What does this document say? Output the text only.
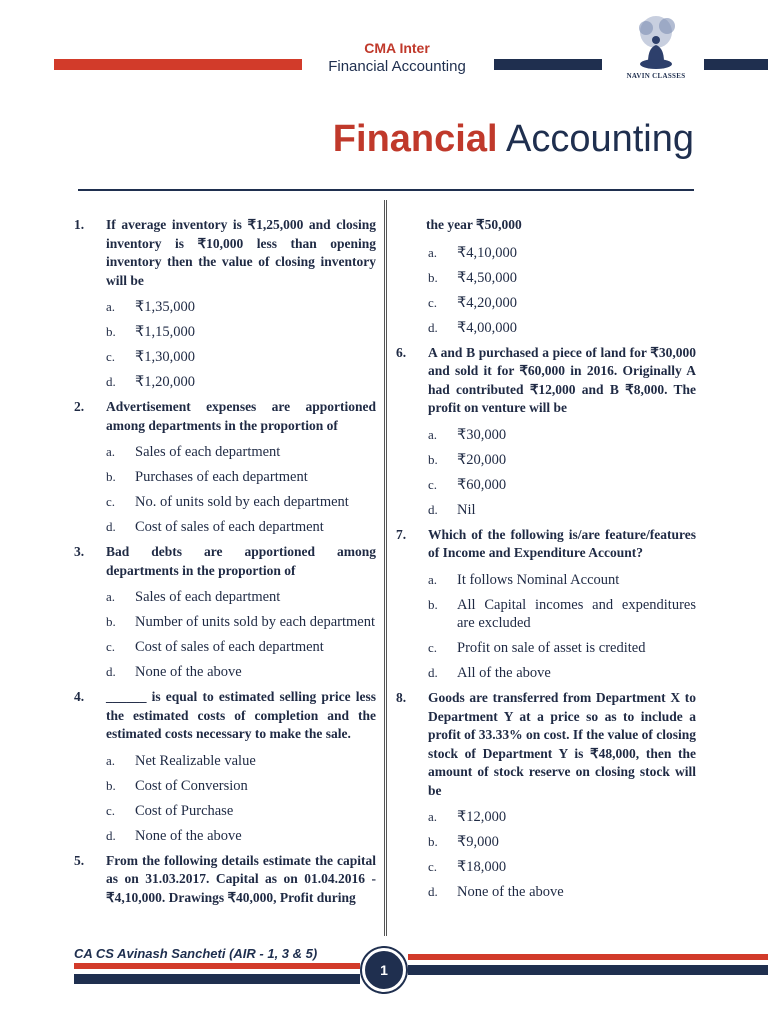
CMA Inter
Financial Accounting
NAVIN CLASSES
Financial Accounting
1.	If average inventory is ₹1,25,000 and closing inventory is ₹10,000 less than opening inventory then the value of closing inventory will be
a. ₹1,35,000
b. ₹1,15,000
c. ₹1,30,000
d. ₹1,20,000
2.	Advertisement expenses are apportioned among departments in the proportion of
a. Sales of each department
b. Purchases of each department
c. No. of units sold by each department
d. Cost of sales of each department
3.	Bad debts are apportioned among departments in the proportion of
a. Sales of each department
b. Number of units sold by each department
c. Cost of sales of each department
d. None of the above
4.	______ is equal to estimated selling price less the estimated costs of completion and the estimated costs necessary to make the sale.
a. Net Realizable value
b. Cost of Conversion
c. Cost of Purchase
d. None of the above
5.	From the following details estimate the capital as on 31.03.2017. Capital as on 01.04.2016 - ₹4,10,000. Drawings ₹40,000, Profit during
the year ₹50,000
a. ₹4,10,000
b. ₹4,50,000
c. ₹4,20,000
d. ₹4,00,000
6.	A and B purchased a piece of land for ₹30,000 and sold it for ₹60,000 in 2016. Originally A had contributed ₹12,000 and B ₹8,000. The profit on venture will be
a. ₹30,000
b. ₹20,000
c. ₹60,000
d. Nil
7.	Which of the following is/are feature/features of Income and Expenditure Account?
a. It follows Nominal Account
b. All Capital incomes and expenditures are excluded
c. Profit on sale of asset is credited
d. All of the above
8.	Goods are transferred from Department X to Department Y at a price so as to include a profit of 33.33% on cost. If the value of closing stock of Department Y is ₹48,000, then the amount of stock reserve on closing stock will be
a. ₹12,000
b. ₹9,000
c. ₹18,000
d. None of the above
CA CS Avinash Sancheti (AIR - 1, 3 & 5)
1
